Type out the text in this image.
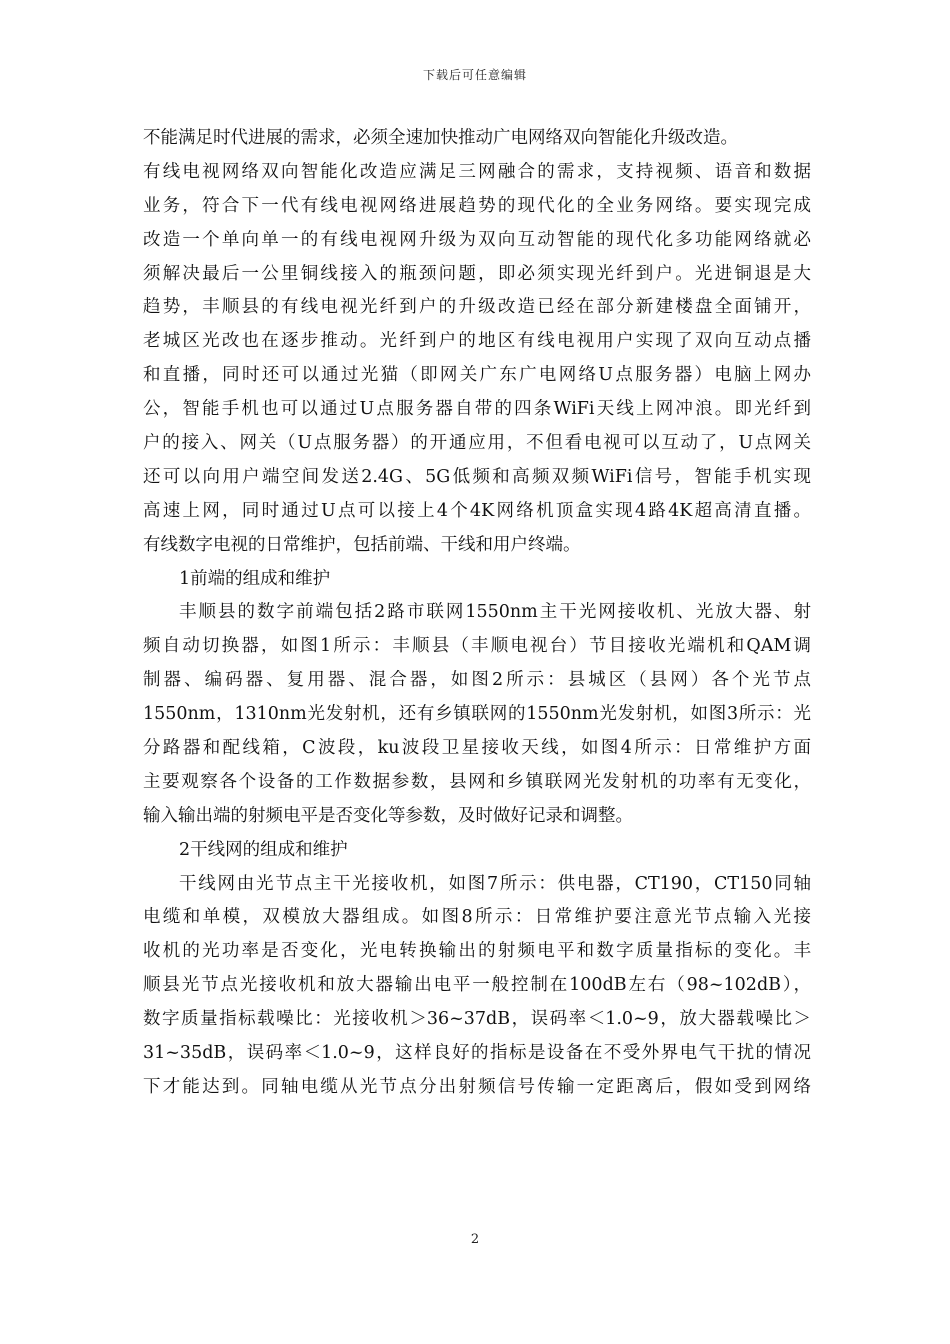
下载后可任意编辑
不能满足时代进展的需求，必须全速加快推动广电网络双向智能化升级改造。
有线电视网络双向智能化改造应满足三网融合的需求，支持视频、语音和数据
业务，符合下一代有线电视网络进展趋势的现代化的全业务网络。要实现完成
改造一个单向单一的有线电视网升级为双向互动智能的现代化多功能网络就必
须解决最后一公里铜线接入的瓶颈问题，即必须实现光纤到户。光进铜退是大
趋势，丰顺县的有线电视光纤到户的升级改造已经在部分新建楼盘全面铺开，
老城区光改也在逐步推动。光纤到户的地区有线电视用户实现了双向互动点播
和直播，同时还可以通过光猫（即网关广东广电网络U点服务器）电脑上网办
公，智能手机也可以通过U点服务器自带的四条WiFi天线上网冲浪。即光纤到
户的接入、网关（U点服务器）的开通应用，不但看电视可以互动了，U点网关
还可以向用户端空间发送2.4G、5G低频和高频双频WiFi信号，智能手机实现
高速上网，同时通过U点可以接上4个4K网络机顶盒实现4路4K超高清直播。
有线数字电视的日常维护，包括前端、干线和用户终端。
1前端的组成和维护
丰顺县的数字前端包括2路市联网1550nm主干光网接收机、光放大器、射
频自动切换器，如图1所示：丰顺县（丰顺电视台）节目接收光端机和QAM调
制器、编码器、复用器、混合器，如图2所示：县城区（县网）各个光节点
1550nm，1310nm光发射机，还有乡镇联网的1550nm光发射机，如图3所示：光
分路器和配线箱，C波段，ku波段卫星接收天线，如图4所示：日常维护方面
主要观察各个设备的工作数据参数，县网和乡镇联网光发射机的功率有无变化，
输入输出端的射频电平是否变化等参数，及时做好记录和调整。
2干线网的组成和维护
干线网由光节点主干光接收机，如图7所示：供电器，CT190，CT150同轴
电缆和单模，双模放大器组成。如图8所示：日常维护要注意光节点输入光接
收机的光功率是否变化，光电转换输出的射频电平和数字质量指标的变化。丰
顺县光节点光接收机和放大器输出电平一般控制在100dB左右（98~102dB），
数字质量指标载噪比：光接收机＞36~37dB，误码率＜1.0~9，放大器载噪比＞
31~35dB，误码率＜1.0~9，这样良好的指标是设备在不受外界电气干扰的情况
下才能达到。同轴电缆从光节点分出射频信号传输一定距离后，假如受到网络
2
